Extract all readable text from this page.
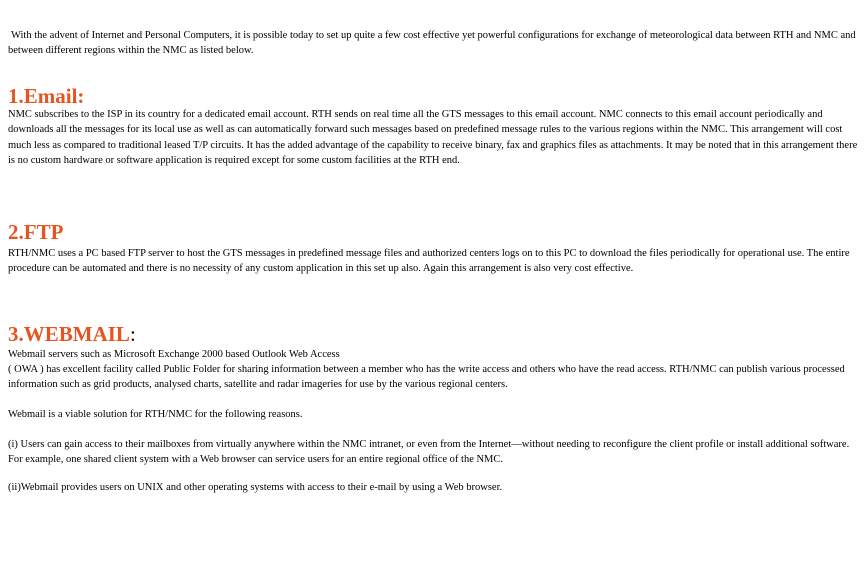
With the advent of Internet and Personal Computers, it is possible today to set up quite a few cost effective yet powerful configurations for exchange of meteorological data between RTH and NMC and between different regions within the NMC as listed below.

1.Email:

NMC subscribes to the ISP in its country for a dedicated email account. RTH sends on real time all the GTS messages to this email account. NMC connects to this email account periodically and downloads all the messages for its local use as well as can automatically forward such messages based on predefined message rules to the various regions within the NMC. This arrangement will cost much less as compared to traditional leased T/P circuits. It has the added advantage of the capability to receive binary, fax and graphics files as attachments. It may be noted that in this arrangement there is no custom hardware or software application is required except for some custom facilities at the RTH end.

2.FTP

RTH/NMC uses a PC based FTP server to host the GTS messages in predefined message files and authorized centers logs on to this PC to download the files periodically for operational use. The entire procedure can be automated and there is no necessity of any custom application in this set up also. Again this arrangement is also very cost effective.

3.WEBMAIL:

Webmail servers such as Microsoft Exchange 2000 based Outlook Web Access

( OWA ) has excellent facility called Public Folder for sharing information between a member who has the write access and others who have the read access. RTH/NMC can publish various processed information such as grid products, analysed charts, satellite and radar imageries for use by the various regional centers.

Webmail is a viable solution for RTH/NMC for the following reasons.

(i) Users can gain access to their mailboxes from virtually anywhere within the NMC intranet, or even from the Internet—without needing to reconfigure the client profile or install additional software. For example, one shared client system with a Web browser can service users for an entire regional office of the NMC.

(ii)Webmail provides users on UNIX and other operating systems with access to their e-mail by using a Web browser.
